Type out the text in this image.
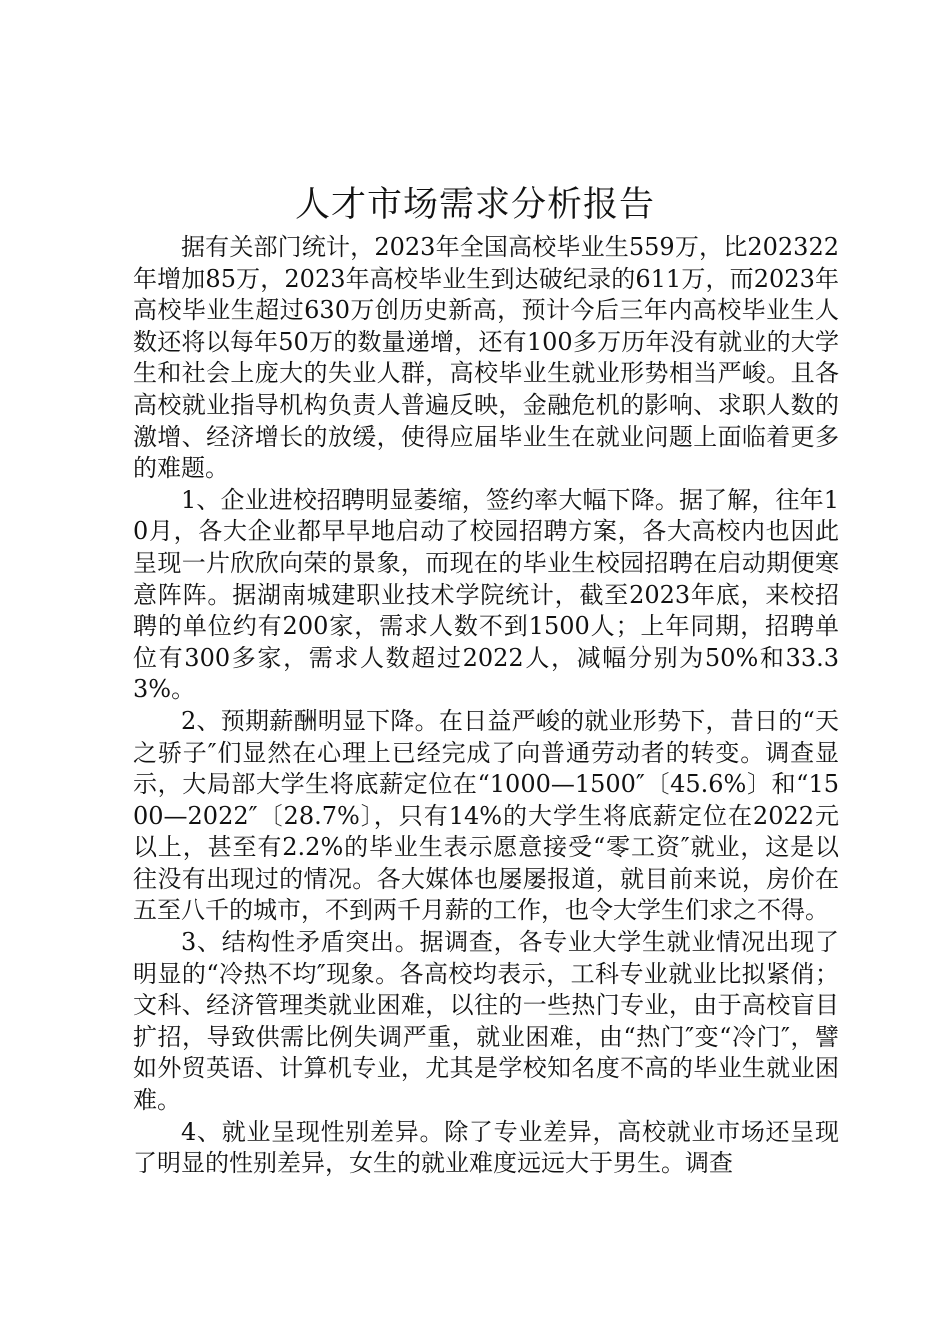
人才市场需求分析报告

据有关部门统计，2023年全国高校毕业生559万，比202322年增加85万，2023年高校毕业生到达破纪录的611万，而2023年高校毕业生超过630万创历史新高，预计今后三年内高校毕业生人数还将以每年50万的数量递增，还有100多万历年没有就业的大学生和社会上庞大的失业人群，高校毕业生就业形势相当严峻。且各高校就业指导机构负责人普遍反映，金融危机的影响、求职人数的激增、经济增长的放缓，使得应届毕业生在就业问题上面临着更多的难题。

1、企业进校招聘明显萎缩，签约率大幅下降。据了解，往年10月，各大企业都早早地启动了校园招聘方案，各大高校内也因此呈现一片欣欣向荣的景象，而现在的毕业生校园招聘在启动期便寒意阵阵。据湖南城建职业技术学院统计，截至2023年底，来校招聘的单位约有200家，需求人数不到1500人；上年同期，招聘单位有300多家，需求人数超过2022人，减幅分别为50%和33.33%。

2、预期薪酬明显下降。在日益严峻的就业形势下，昔日的“天之骄子″们显然在心理上已经完成了向普通劳动者的转变。调查显示，大局部大学生将底薪定位在“1000—1500″〔45.6%〕和“1500—2022″〔28.7%〕，只有14%的大学生将底薪定位在2022元以上，甚至有2.2%的毕业生表示愿意接受“零工资″就业，这是以往没有出现过的情况。各大媒体也屡屡报道，就目前来说，房价在五至八千的城市，不到两千月薪的工作，也令大学生们求之不得。

3、结构性矛盾突出。据调查，各专业大学生就业情况出现了明显的“冷热不均″现象。各高校均表示，工科专业就业比拟紧俏；文科、经济管理类就业困难，以往的一些热门专业，由于高校盲目扩招，导致供需比例失调严重，就业困难，由“热门″变“冷门″，譬如外贸英语、计算机专业，尤其是学校知名度不高的毕业生就业困难。

4、就业呈现性别差异。除了专业差异，高校就业市场还呈现了明显的性别差异，女生的就业难度远远大于男生。调查
